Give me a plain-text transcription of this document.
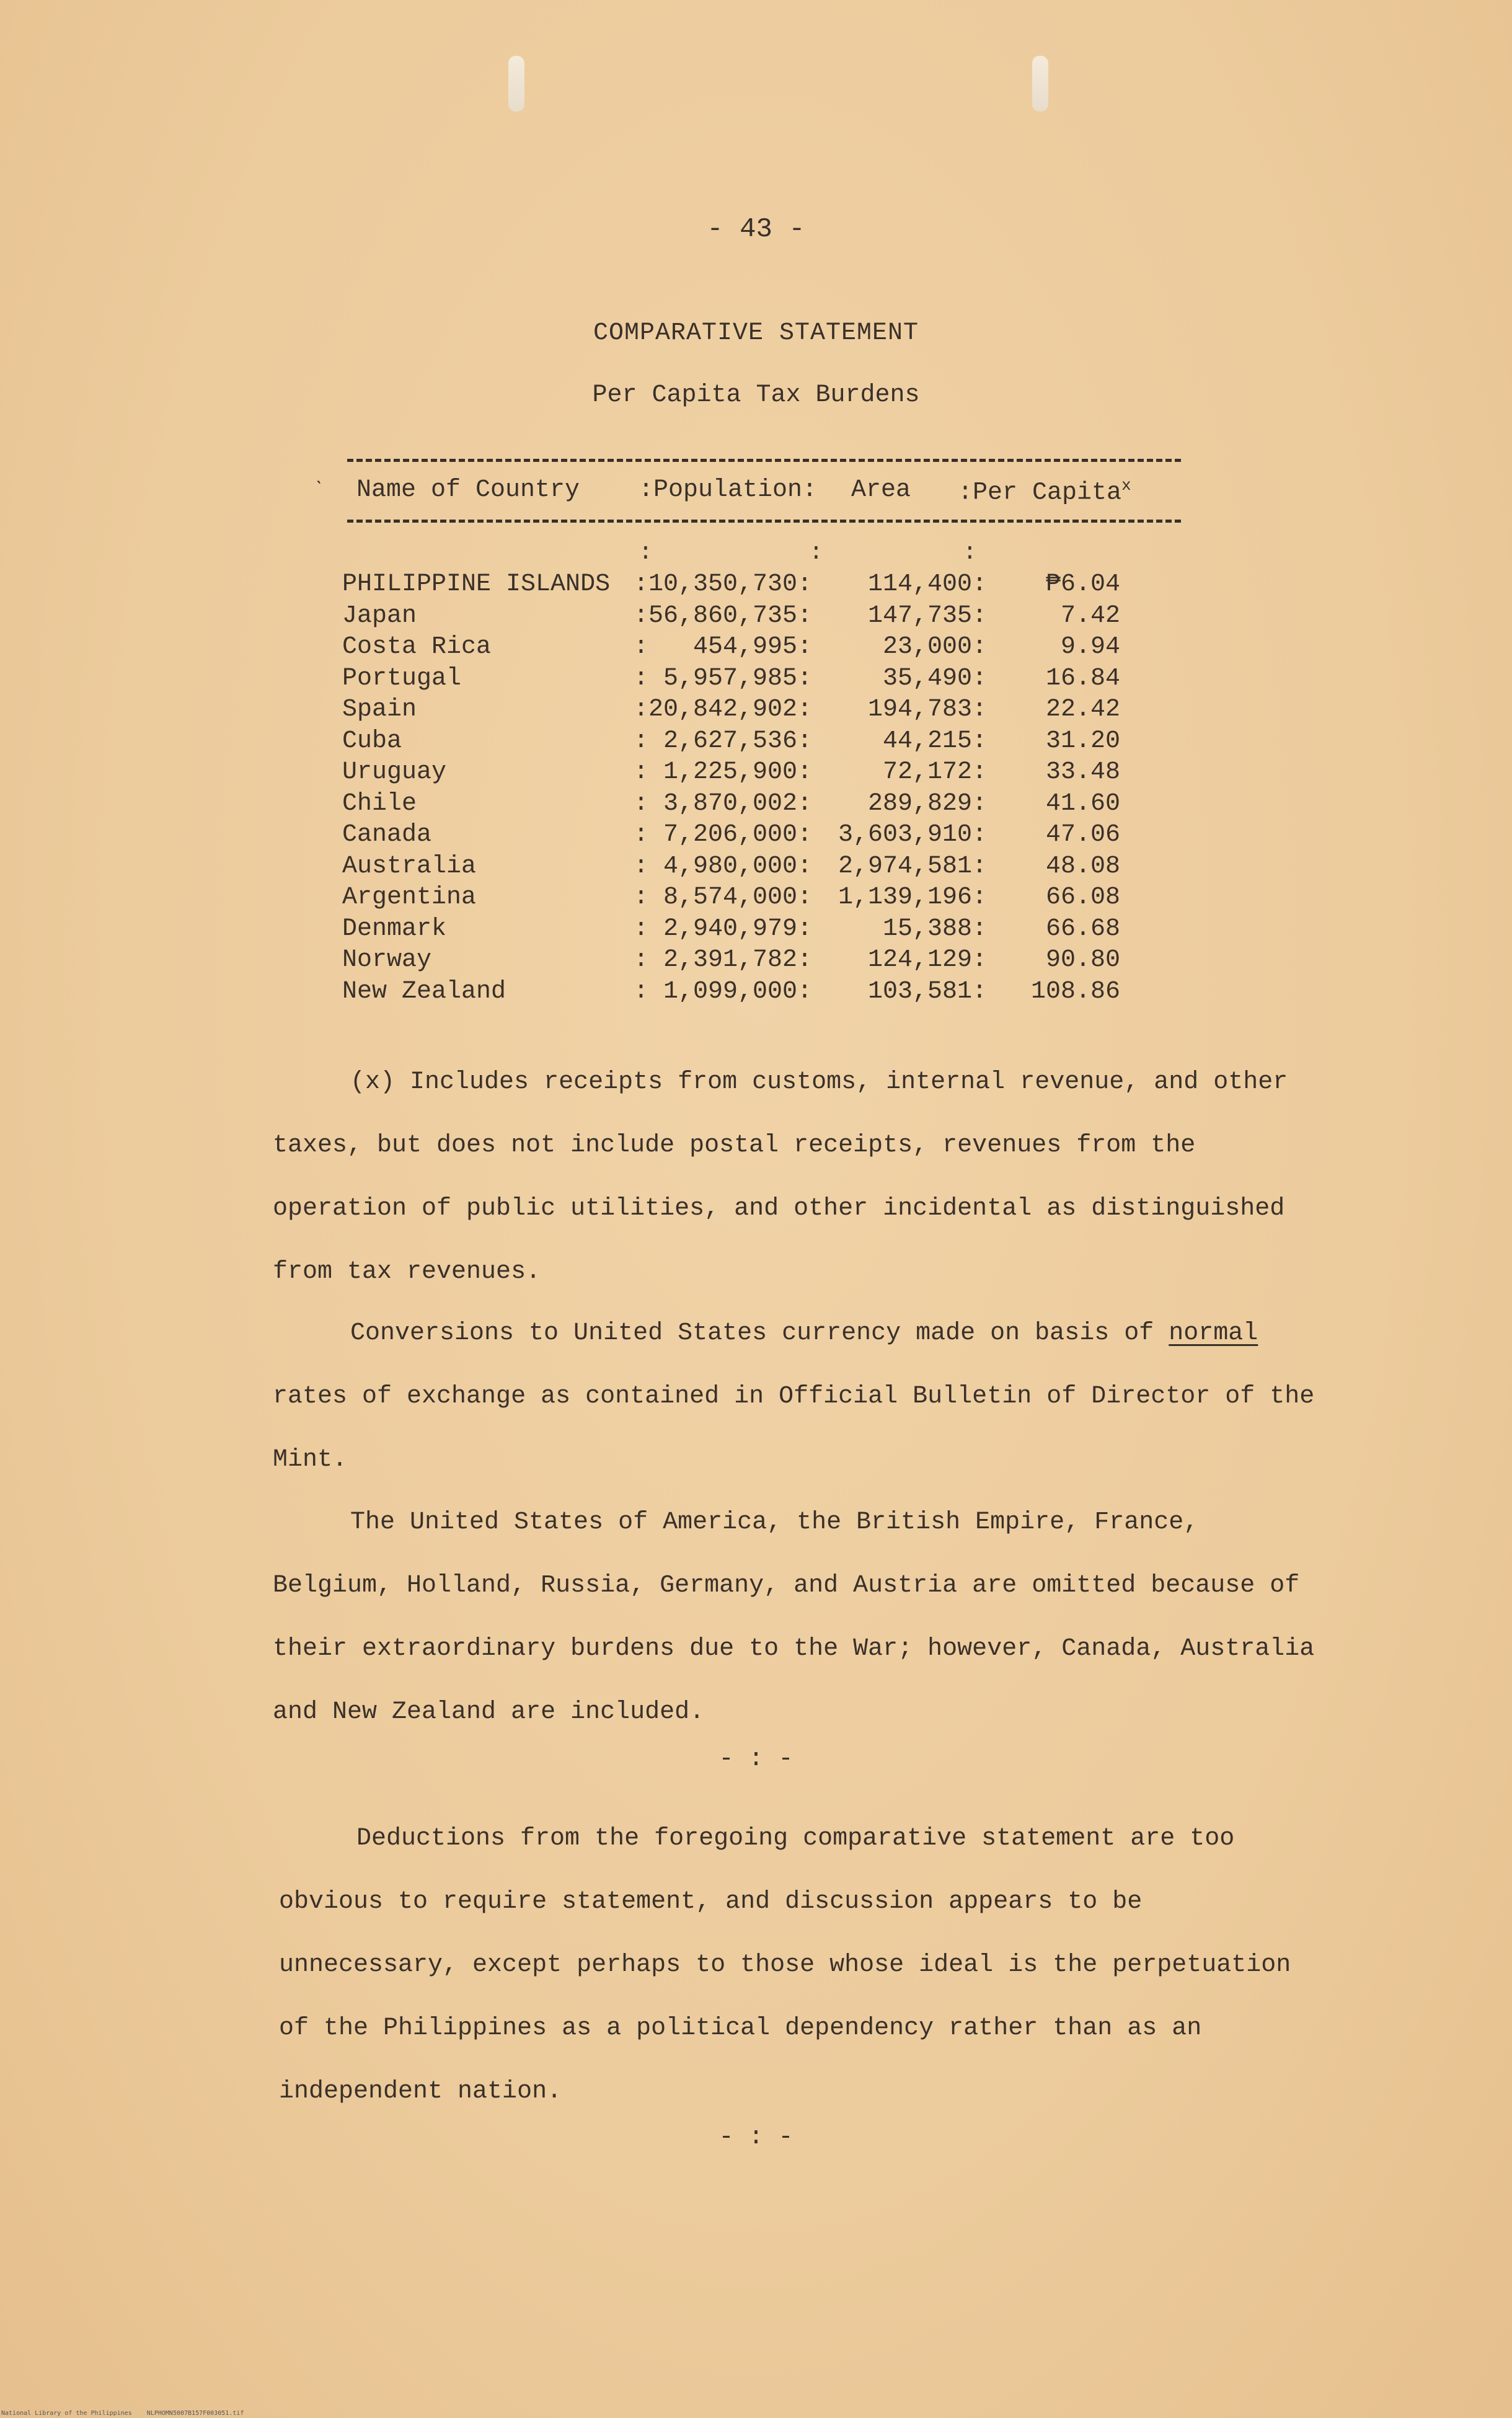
- 43 -
COMPARATIVE STATEMENT
Per Capita Tax Burdens
ˋ Name of Country :Population: Area :Per Capita$^x$
:	:	:
PHILIPPINE ISLANDS	:10,350,730:	114,400:	₱6.04
Japan	:56,860,735:	147,735:	7.42
Costa Rica	:   454,995:	23,000:	9.94
Portugal	: 5,957,985:	35,490:	16.84
Spain	:20,842,902:	194,783:	22.42
Cuba	: 2,627,536:	44,215:	31.20
Uruguay	: 1,225,900:	72,172:	33.48
Chile	: 3,870,002:	289,829:	41.60
Canada	: 7,206,000:	3,603,910:	47.06
Australia	: 4,980,000:	2,974,581:	48.08
Argentina	: 8,574,000:	1,139,196:	66.08
Denmark	: 2,940,979:	15,388:	66.68
Norway	: 2,391,782:	124,129:	90.80
New Zealand	: 1,099,000:	103,581:	108.86
(x) Includes receipts from customs, internal revenue, and other taxes, but does not include postal receipts, revenues from the operation of public utilities, and other incidental as distinguished from tax revenues.
Conversions to United States currency made on basis of normal rates of exchange as contained in Official Bulletin of Director of the Mint.
The United States of America, the British Empire, France, Belgium, Holland, Russia, Germany, and Austria are omitted because of their extraordinary burdens due to the War; however, Canada, Australia and New Zealand are included.
- : -
Deductions from the foregoing comparative statement are too obvious to require statement, and discussion appears to be unnecessary, except perhaps to those whose ideal is the perpetuation of the Philippines as a political dependency rather than as an independent nation.
- : -
National Library of the Philippines    NLPHOMN5007B157F003051.tif
